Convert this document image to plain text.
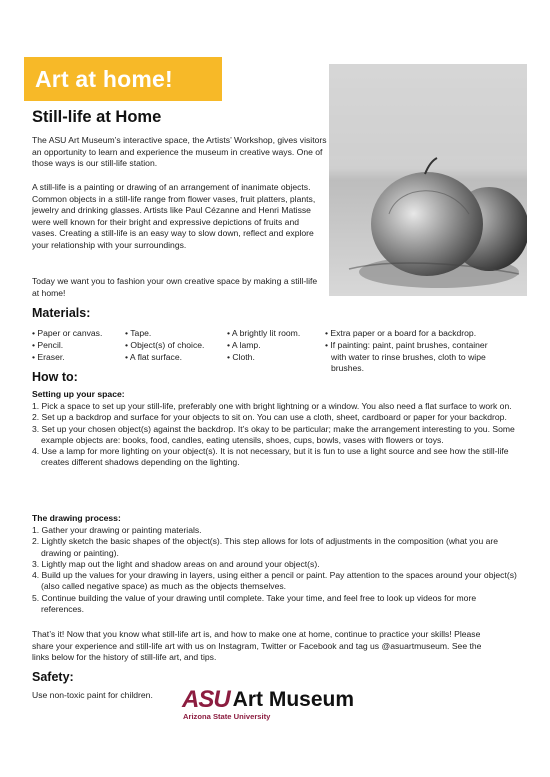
Art at home!
Still-life at Home
The ASU Art Museum’s interactive space, the Artists’ Workshop, gives visitors an opportunity to learn and experience the museum in creative ways. One of those ways is our still-life station.
A still-life is a painting or drawing of an arrangement of inanimate objects. Common objects in a still-life range from flower vases, fruit platters, plants, jewelry and drinking glasses. Artists like Paul Cézanne and Henri Matisse were well known for their bright and expressive depictions of fruits and vases. Creating a still-life is an easy way to slow down, reflect and explore your relationship with your surroundings.
Today we want you to fashion your own creative space by making a still-life at home!
Materials:
• Paper or canvas.
• Pencil.
• Eraser.
• Tape.
• Object(s) of choice.
• A flat surface.
• A brightly lit room.
• A lamp.
• Cloth.
• Extra paper or a board for a backdrop.
• If painting: paint, paint brushes, container with water to rinse brushes, cloth to wipe brushes.
How to:
Setting up your space:
1. Pick a space to set up your still-life, preferably one with bright lightning or a window. You also need a flat surface to work on.
2. Set up a backdrop and surface for your objects to sit on. You can use a cloth, sheet, cardboard or paper for your backdrop.
3. Set up your chosen object(s) against the backdrop. It’s okay to be particular; make the arrangement interesting to you. Some example objects are: books, food, candles, eating utensils, shoes, cups, bowls, vases with flowers or toys.
4. Use a lamp for more lighting on your object(s). It is not necessary, but it is fun to use a light source and see how the still-life creates different shadows depending on the lighting.
The drawing process:
1. Gather your drawing or painting materials.
2. Lightly sketch the basic shapes of the object(s). This step allows for lots of adjustments in the composition (what you are drawing or painting).
3. Lightly map out the light and shadow areas on and around your object(s).
4. Build up the values for your drawing in layers, using either a pencil or paint. Pay attention to the spaces around your object(s) (also called negative space) as much as the objects themselves.
5. Continue building the value of your drawing until complete. Take your time, and feel free to look up videos for more references.
That’s it! Now that you know what still-life art is, and how to make one at home, continue to practice your skills! Please share your experience and still-life art with us on Instagram, Twitter or Facebook and tag us @asuartmuseum. See the links below for the history of still-life art, and tips.
Safety:
Use non-toxic paint for children. ASU Art Museum
Arizona State University
